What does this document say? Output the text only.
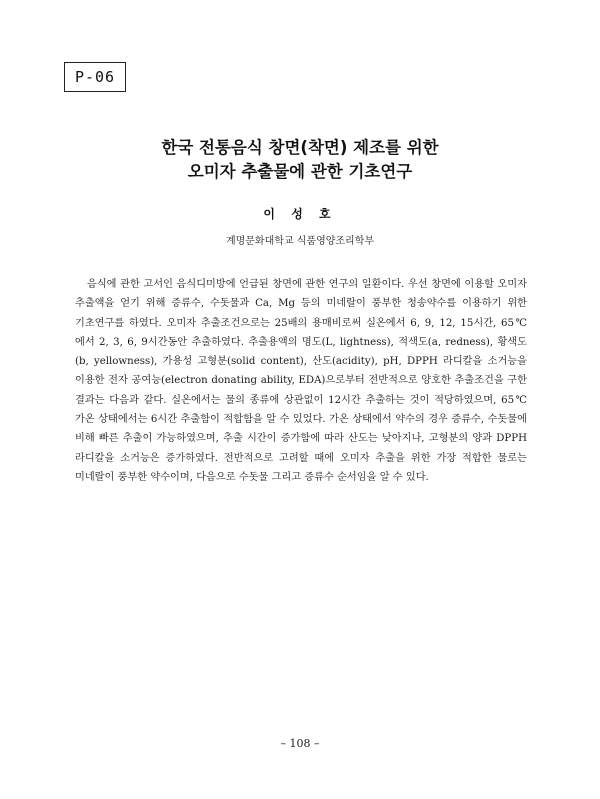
P-06
한국 전통음식 창면(착면) 제조를 위한
오미자 추출물에 관한 기초연구
이 성 호
계명문화대학교 식품영양조리학부

음식에 관한 고서인 음식디미방에 언급된 창면에 관한 연구의 일환이다. 우선 창면에 이용할 오미자 추출액을 얻기 위해 증류수, 수돗물과 Ca, Mg 등의 미네랄이 풍부한 청송약수를 이용하기 위한 기초연구를 하였다. 오미자 추출조건으로는 25배의 용매비로써 실온에서 6, 9, 12, 15시간, 65℃에서 2, 3, 6, 9시간동안 추출하였다. 추출용액의 명도(L, lightness), 적색도(a, redness), 황색도(b, yellowness), 가용성 고형분(solid content), 산도(acidity), pH, DPPH 라디칼을 소거능을 이용한 전자 공여능(electron donating ability, EDA)으로부터 전반적으로 양호한 추출조건을 구한 결과는 다음과 같다. 실온에서는 물의 종류에 상관없이 12시간 추출하는 것이 적당하였으며, 65℃ 가온 상태에서는 6시간 추출함이 적합함을 알 수 있었다. 가온 상태에서 약수의 경우 증류수, 수돗물에 비해 빠른 추출이 가능하였으며, 추출 시간이 증가함에 따라 산도는 낮아지나, 고형분의 양과 DPPH 라디칼을 소거능은 증가하였다. 전반적으로 고려할 때에 오미자 추출을 위한 가장 적합한 물로는 미네랄이 풍부한 약수이며, 다음으로 수돗물 그리고 증류수 순서임을 알 수 있다.

– 108 –
